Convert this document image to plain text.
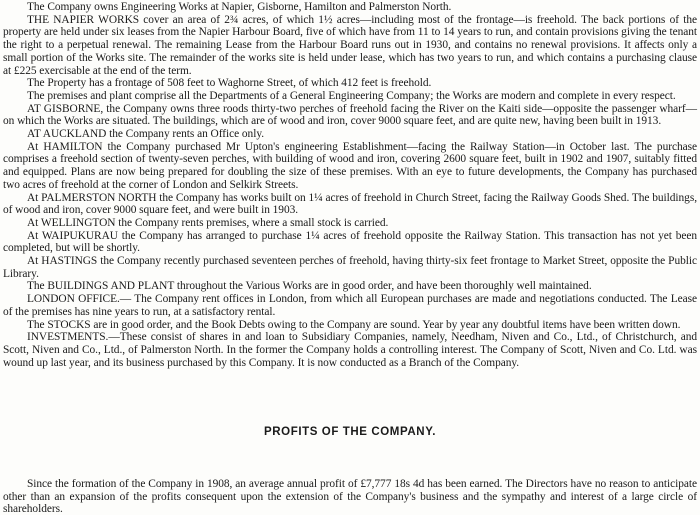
The Company owns Engineering Works at Napier, Gisborne, Hamilton and Palmerston North.

THE NAPIER WORKS cover an area of 2¾ acres, of which 1½ acres—including most of the frontage—is freehold. The back portions of the property are held under six leases from the Napier Harbour Board, five of which have from 11 to 14 years to run, and contain provisions giving the tenant the right to a perpetual renewal. The remaining Lease from the Harbour Board runs out in 1930, and contains no renewal provisions. It affects only a small portion of the Works site. The remainder of the works site is held under lease, which has two years to run, and which contains a purchasing clause at £225 exercisable at the end of the term.

The Property has a frontage of 508 feet to Waghorne Street, of which 412 feet is freehold.

The premises and plant comprise all the Departments of a General Engineering Company; the Works are modern and complete in every respect.

AT GISBORNE, the Company owns three roods thirty-two perches of freehold facing the River on the Kaiti side—opposite the passenger wharf—on which the Works are situated. The buildings, which are of wood and iron, cover 9000 square feet, and are quite new, having been built in 1913.

AT AUCKLAND the Company rents an Office only.

At HAMILTON the Company purchased Mr Upton's engineering Establishment—facing the Railway Station—in October last. The purchase comprises a freehold section of twenty-seven perches, with building of wood and iron, covering 2600 square feet, built in 1902 and 1907, suitably fitted and equipped. Plans are now being prepared for doubling the size of these premises. With an eye to future developments, the Company has purchased two acres of freehold at the corner of London and Selkirk Streets.

At PALMERSTON NORTH the Company has works built on 1¼ acres of freehold in Church Street, facing the Railway Goods Shed. The buildings, of wood and iron, cover 9000 square feet, and were built in 1903.

At WELLINGTON the Company rents premises, where a small stock is carried.

At WAIPUKURAU the Company has arranged to purchase 1¼ acres of freehold opposite the Railway Station. This transaction has not yet been completed, but will be shortly.

At HASTINGS the Company recently purchased seventeen perches of freehold, having thirty-six feet frontage to Market Street, opposite the Public Library.

The BUILDINGS AND PLANT throughout the Various Works are in good order, and have been thoroughly well maintained.

LONDON OFFICE.— The Company rent offices in London, from which all European purchases are made and negotiations conducted. The Lease of the premises has nine years to run, at a satisfactory rental.

The STOCKS are in good order, and the Book Debts owing to the Company are sound. Year by year any doubtful items have been written down.

INVESTMENTS.—These consist of shares in and loan to Subsidiary Companies, namely, Needham, Niven and Co., Ltd., of Christchurch, and Scott, Niven and Co., Ltd., of Palmerston North. In the former the Company holds a controlling interest. The Company of Scott, Niven and Co. Ltd. was wound up last year, and its business purchased by this Company. It is now conducted as a Branch of the Company.

PROFITS OF THE COMPANY.

Since the formation of the Company in 1908, an average annual profit of £7,777 18s 4d has been earned. The Directors have no reason to anticipate other than an expansion of the profits consequent upon the extension of the Company's business and the sympathy and interest of a large circle of shareholders.
